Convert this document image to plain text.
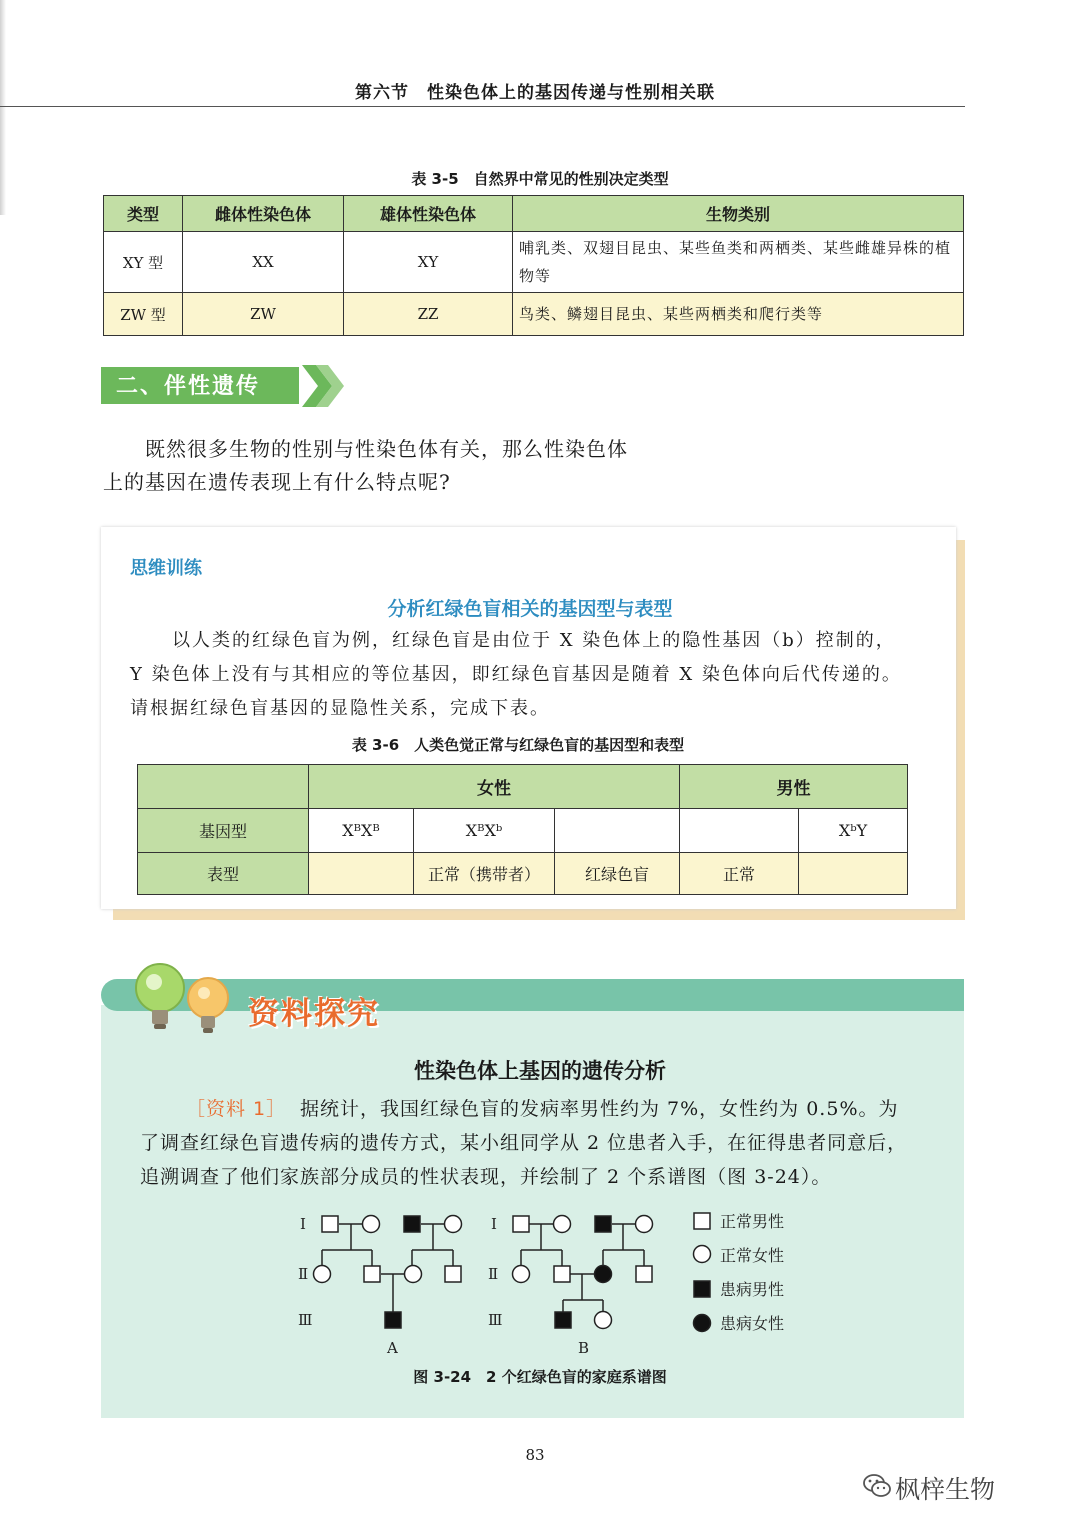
第六节　性染色体上的基因传递与性别相关联
表 3-5　自然界中常见的性别决定类型
类型	雌体性染色体	雄体性染色体	生物类别
XY 型	XX	XY	哺乳类、双翅目昆虫、某些鱼类和两栖类、某些雌雄异株的植物等
ZW 型	ZW	ZZ	鸟类、鳞翅目昆虫、某些两栖类和爬行类等
二、伴性遗传
既然很多生物的性别与性染色体有关，那么性染色体
上的基因在遗传表现上有什么特点呢?
思维训练
分析红绿色盲相关的基因型与表型
以人类的红绿色盲为例，红绿色盲是由位于 X 染色体上的隐性基因（b）控制的，
Y 染色体上没有与其相应的等位基因，即红绿色盲基因是随着 X 染色体向后代传递的。
请根据红绿色盲基因的显隐性关系，完成下表。
表 3-6　人类色觉正常与红绿色盲的基因型和表型
	女性			男性	
基因型	XᴮXᴮ	XᴮXᵇ			XᵇY
表型		正常（携带者）	红绿色盲	正常	
资料探究
性染色体上基因的遗传分析
［资料 1］ 据统计，我国红绿色盲的发病率男性约为 7%，女性约为 0.5%。为
了调查红绿色盲遗传病的遗传方式，某小组同学从 2 位患者入手，在征得患者同意后，
追溯调查了他们家族部分成员的性状表现，并绘制了 2 个系谱图（图 3-24）。
Ⅰ
Ⅱ
Ⅲ
Ⅰ
Ⅱ
Ⅲ
A	B
正常男性
正常女性
患病男性
患病女性
图 3-24　2 个红绿色盲的家庭系谱图
83
枫梓生物
